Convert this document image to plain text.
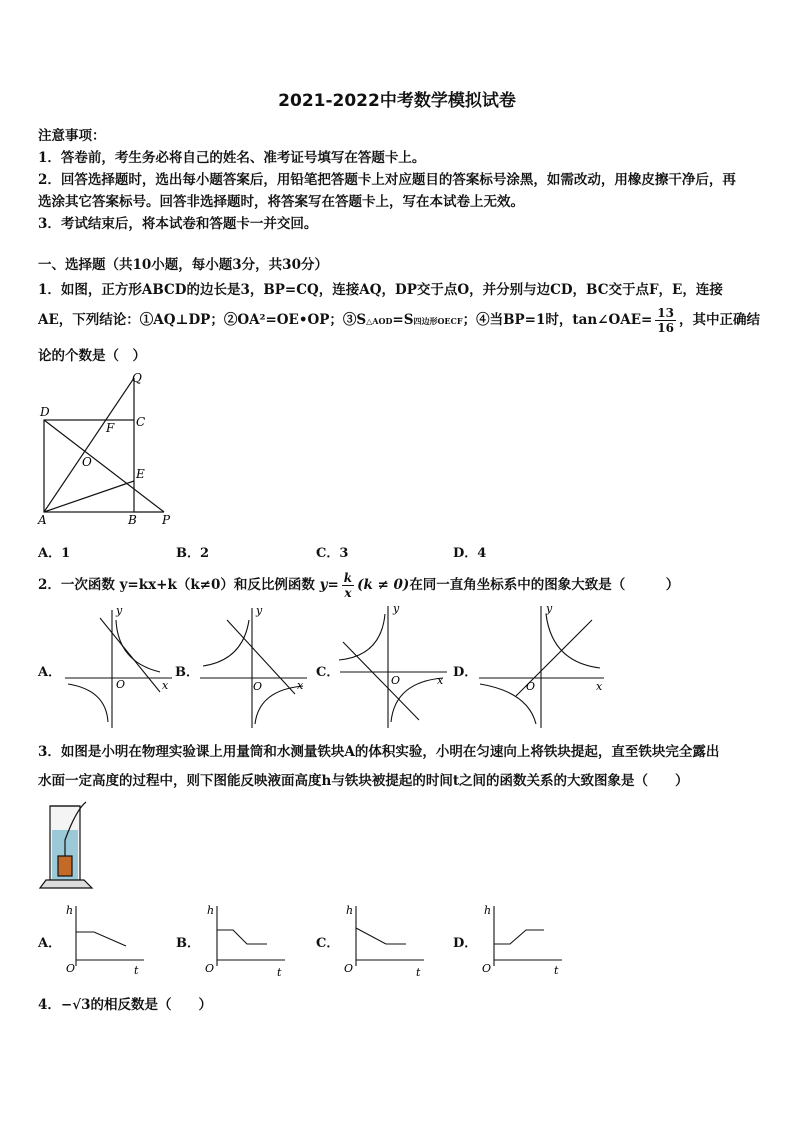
2021-2022中考数学模拟试卷
注意事项：
1．答卷前，考生务必将自己的姓名、准考证号填写在答题卡上。
2．回答选择题时，选出每小题答案后，用铅笔把答题卡上对应题目的答案标号涂黑，如需改动，用橡皮擦干净后，再
选涂其它答案标号。回答非选择题时，将答案写在答题卡上，写在本试卷上无效。
3．考试结束后，将本试卷和答题卡一并交回。
一、选择题（共10小题，每小题3分，共30分）
1．如图，正方形ABCD的边长是3，BP=CQ，连接AQ，DP交于点O，并分别与边CD，BC交于点F，E，连接
AE，下列结论：①AQ⊥DP；②OA²=OE•OP；③S△AOD=S四边形OECF；④当BP=1时，tan∠OAE= $\frac{13}{16}$ ，其中正确结
论的个数是（　）
Q
D
C
F
O
E
A	B P
A．1	B．2	C．3	D．4
2．一次函数 y=kx+k（k≠0）和反比例函数 $y= \frac{k}{x} (k \ne 0)$在同一直角坐标系中的图象大致是（　　　）
A．
y
x
O
B．
y
x
O
C．
y
x
O
D．
y
x
O
3．如图是小明在物理实验课上用量筒和水测量铁块A的体积实验，小明在匀速向上将铁块提起，直至铁块完全露出
水面一定高度的过程中，则下图能反映液面高度h与铁块被提起的时间t之间的函数关系的大致图象是（　　）
A．
h
t
O
B．
h
t
O
C．
h
t
O
D．
h
t
O
4．−√3的相反数是（　　）
